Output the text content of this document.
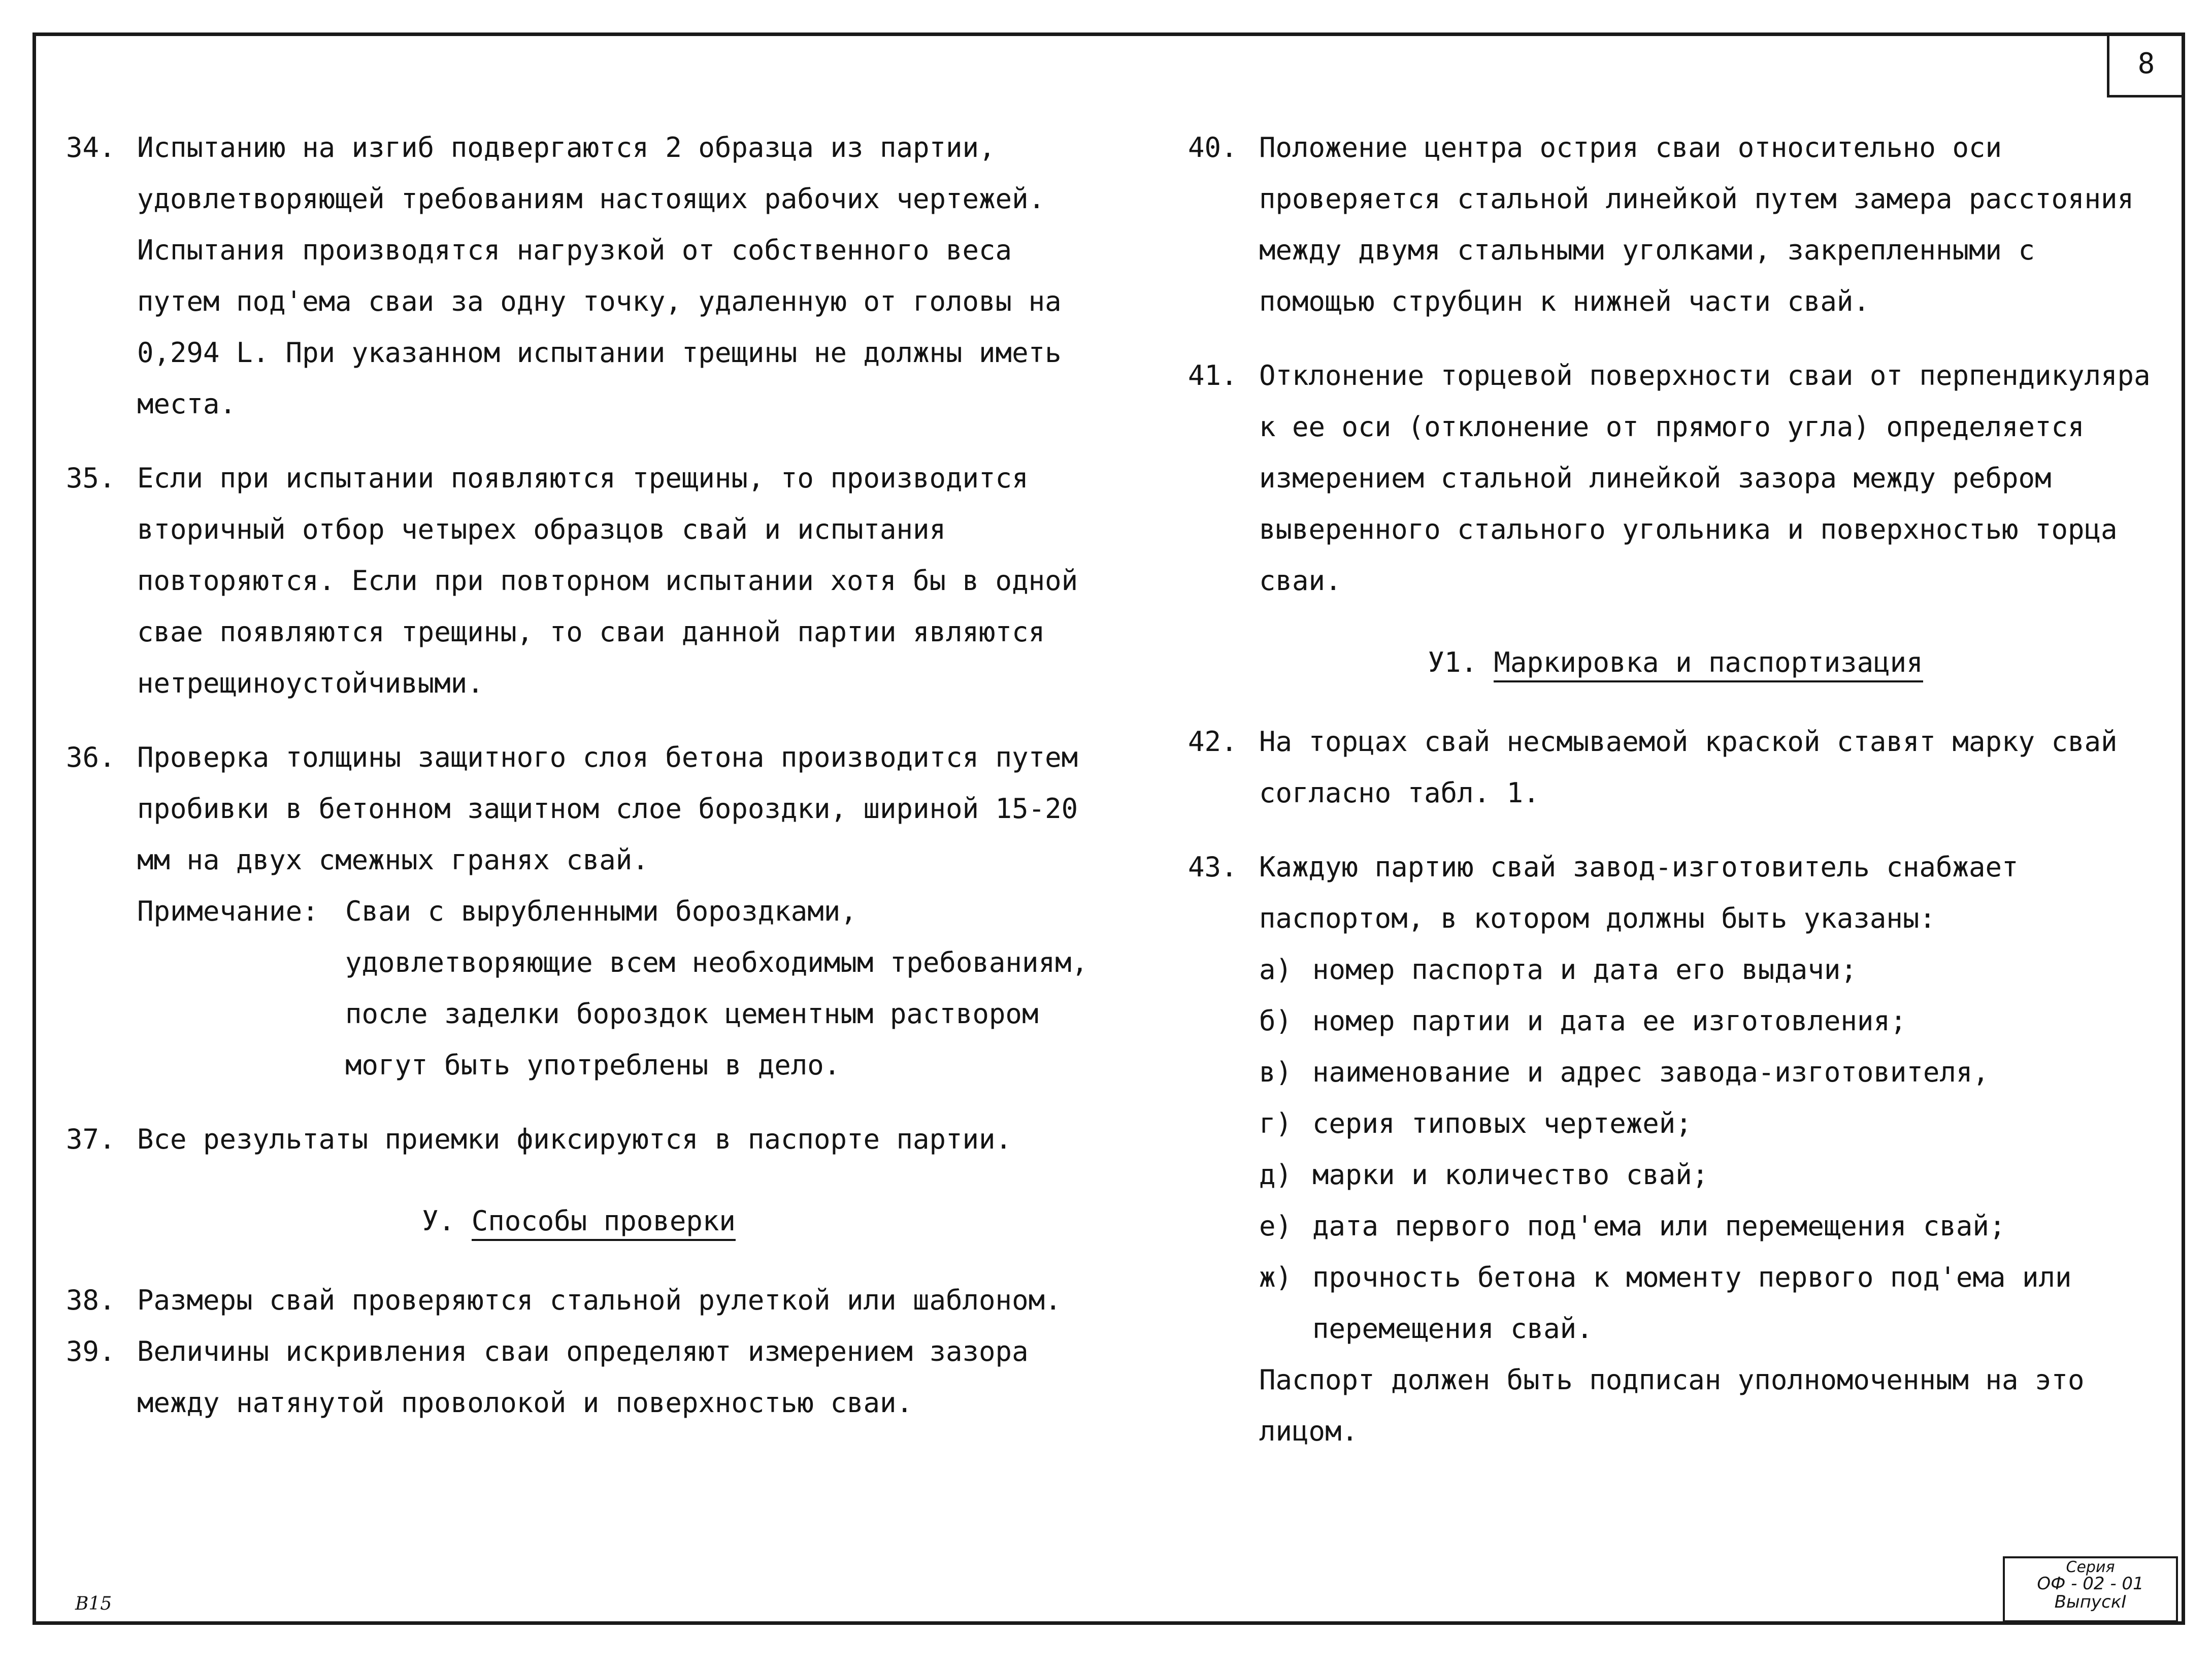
8
34. Испытанию на изгиб подвергаются 2 образца из партии, удовлетворяющей требованиям настоящих рабочих чертежей. Испытания производятся нагрузкой от собственного веса путем под'ема сваи за одну точку, удаленную от головы на 0,294 L. При указанном испытании трещины не должны иметь места.
35. Если при испытании появляются трещины, то производится вторичный отбор четырех образцов свай и испытания повторяются. Если при повторном испытании хотя бы в одной свае появляются трещины, то сваи данной партии являются нетрещиноустойчивыми.
36. Проверка толщины защитного слоя бетона производится путем пробивки в бетонном защитном слое бороздки, шириной 15-20 мм на двух смежных гранях свай.
Примечание: Сваи с вырубленными бороздками, удовлетворяющие всем необходимым требованиям, после заделки бороздок цементным раствором могут быть употреблены в дело.
37. Все результаты приемки фиксируются в паспорте партии.
У. Способы проверки
38. Размеры свай проверяются стальной рулеткой или шаблоном.
39. Величины искривления сваи определяют измерением зазора между натянутой проволокой и поверхностью сваи.
40. Положение центра острия сваи относительно оси проверяется стальной линейкой путем замера расстояния между двумя стальными уголками, закрепленными с помощью струбцин к нижней части свай.
41. Отклонение торцевой поверхности сваи от перпендикуляра к ее оси (отклонение от прямого угла) определяется измерением стальной линейкой зазора между ребром выверенного стального угольника и поверхностью торца сваи.
У1. Маркировка и паспортизация
42. На торцах свай несмываемой краской ставят марку свай согласно табл. 1.
43. Каждую партию свай завод-изготовитель снабжает паспортом, в котором должны быть указаны:
а) номер паспорта и дата его выдачи;
б) номер партии и дата ее изготовления;
в) наименование и адрес завода-изготовителя,
г) серия типовых чертежей;
д) марки и количество свай;
е) дата первого под'ема или перемещения свай;
ж) прочность бетона к моменту первого под'ема или перемещения свай.
Паспорт должен быть подписан уполномоченным на это лицом.
Серия
ОФ - 02 - 01
ВыпускI
В15
